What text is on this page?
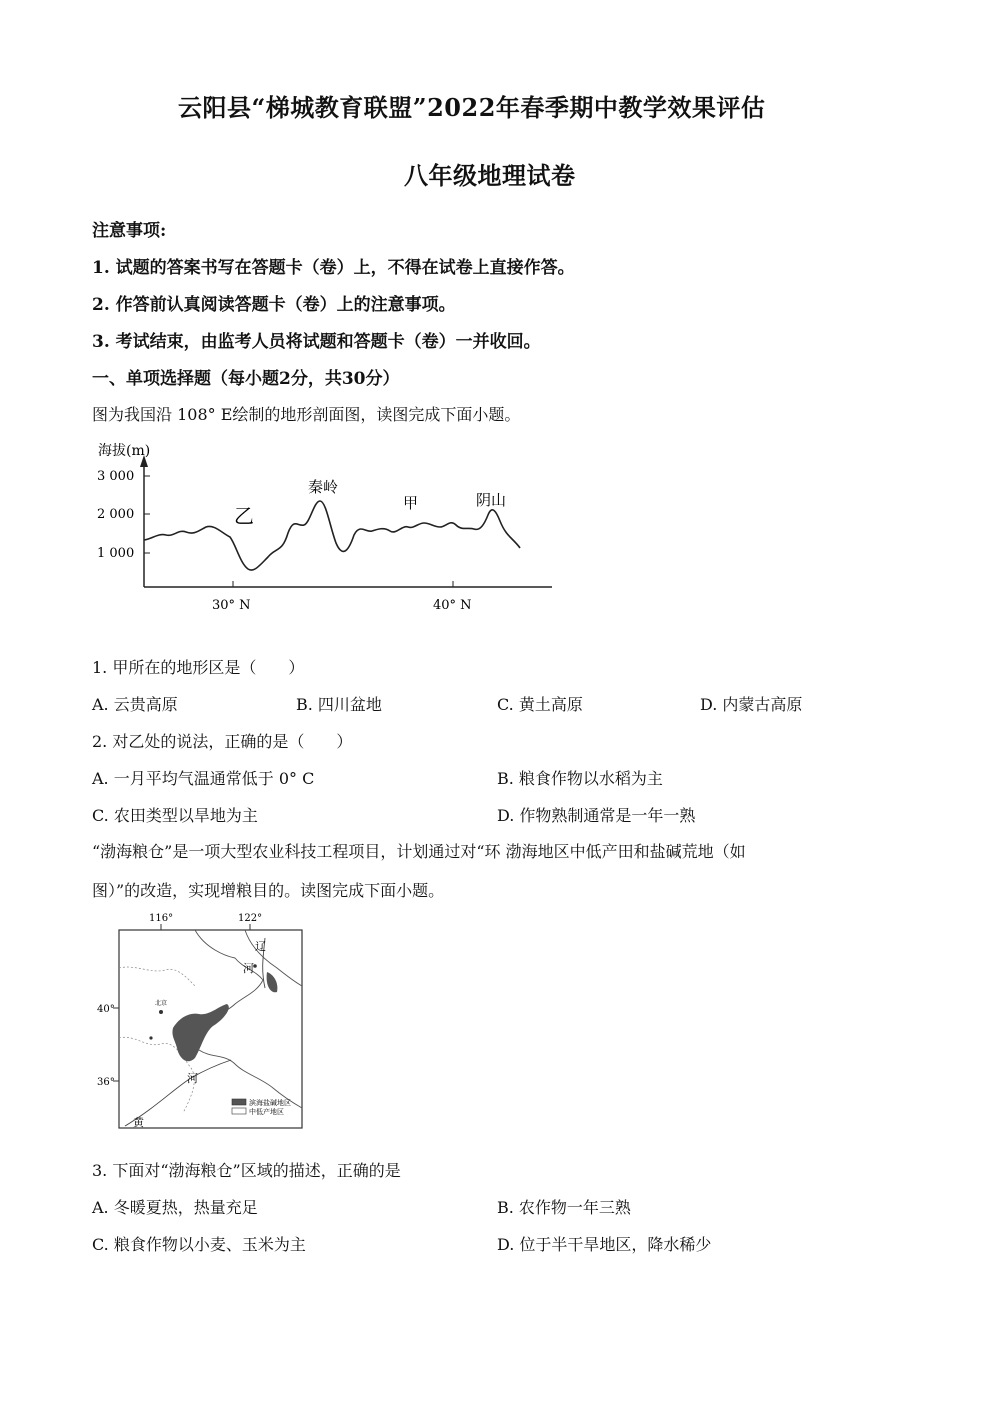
云阳县“梯城教育联盟”2022年春季期中教学效果评估
八年级地理试卷
注意事项:
1. 试题的答案书写在答题卡（卷）上，不得在试卷上直接作答。
2. 作答前认真阅读答题卡（卷）上的注意事项。
3. 考试结束，由监考人员将试题和答题卡（卷）一并收回。
一、单项选择题（每小题2分，共30分）
图为我国沿 108° E绘制的地形剖面图，读图完成下面小题。
海拔(m)
3 000
2 000
1 000
30° N	40° N
乙
秦岭
甲	阴山
1. 甲所在的地形区是（　　）
A. 云贵高原	B. 四川盆地	C. 黄土高原	D. 内蒙古高原
2. 对乙处的说法，正确的是（　　）
A. 一月平均气温通常低于 0° C	B. 粮食作物以水稻为主
C. 农田类型以旱地为主	D. 作物熟制通常是一年一熟
“渤海粮仓”是一项大型农业科技工程项目，计划通过对“环 渤海地区中低产田和盐碱荒地（如
图）”的改造，实现增粮目的。读图完成下面小题。
116°	122°
40°
36°
北京
辽
河
河
黄
滨海盐碱地区
中低产地区
3. 下面对“渤海粮仓”区域的描述，正确的是
A. 冬暖夏热，热量充足	B. 农作物一年三熟
C. 粮食作物以小麦、玉米为主	D. 位于半干旱地区，降水稀少
